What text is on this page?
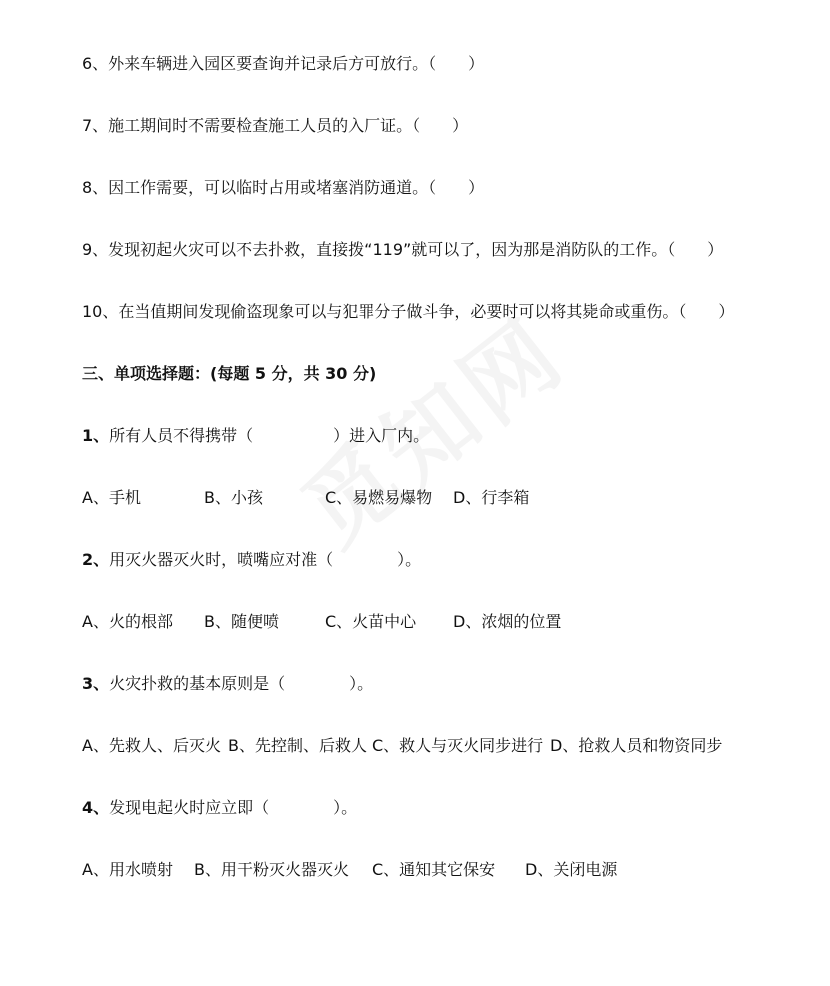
6、外来车辆进入园区要查询并记录后方可放行。（　　）
7、施工期间时不需要检查施工人员的入厂证。（　　）
8、因工作需要，可以临时占用或堵塞消防通道。（　　）
9、发现初起火灾可以不去扑救，直接拨“119”就可以了，因为那是消防队的工作。（　　）
10、在当值期间发现偷盗现象可以与犯罪分子做斗争，必要时可以将其毙命或重伤。（　　）
三、单项选择题：(每题 5 分，共 30 分)
1、所有人员不得携带（　　　　　）进入厂内。
A、手机	B、小孩	C、易燃易爆物 D、行李箱
2、用灭火器灭火时，喷嘴应对准（　　　　）。
A、火的根部 B、随便喷	C、火苗中心 D、浓烟的位置
3、火灾扑救的基本原则是（　　　　）。
A、先救人、后灭火 B、先控制、后救人 C、救人与灭火同步进行 D、抢救人员和物资同步
4、发现电起火时应立即（　　　　）。
A、用水喷射 B、用干粉灭火器灭火 C、通知其它保安 D、关闭电源
